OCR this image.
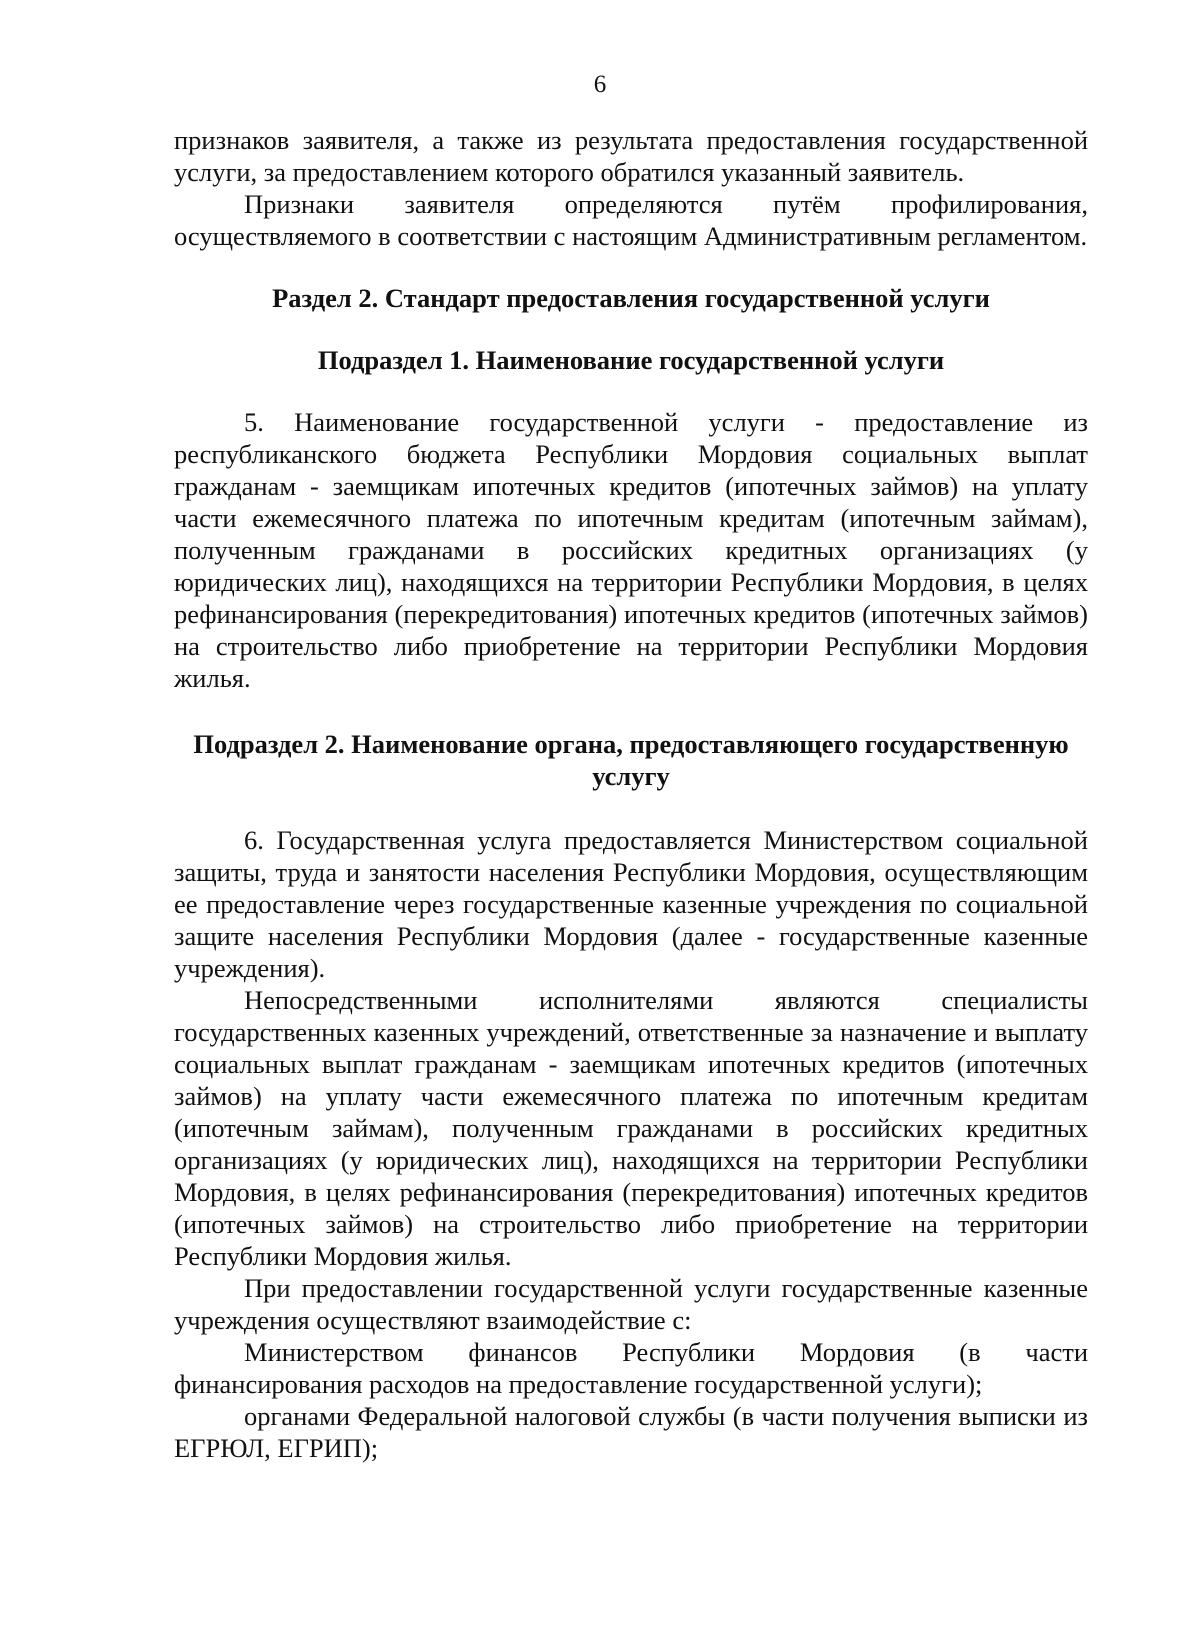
6

признаков заявителя, а также из результата предоставления государственной услуги, за предоставлением которого обратился указанный заявитель.

Признаки заявителя определяются путём профилирования, осуществляемого в соответствии с настоящим Административным регламентом.

Раздел 2. Стандарт предоставления государственной услуги

Подраздел 1. Наименование государственной услуги

5. Наименование государственной услуги - предоставление из республиканского бюджета Республики Мордовия социальных выплат гражданам - заемщикам ипотечных кредитов (ипотечных займов) на уплату части ежемесячного платежа по ипотечным кредитам (ипотечным займам), полученным гражданами в российских кредитных организациях (у юридических лиц), находящихся на территории Республики Мордовия, в целях рефинансирования (перекредитования) ипотечных кредитов (ипотечных займов) на строительство либо приобретение на территории Республики Мордовия жилья.

Подраздел 2. Наименование органа, предоставляющего государственную услугу

6. Государственная услуга предоставляется Министерством социальной защиты, труда и занятости населения Республики Мордовия, осуществляющим ее предоставление через государственные казенные учреждения по социальной защите населения Республики Мордовия (далее - государственные казенные учреждения).

Непосредственными исполнителями являются специалисты государственных казенных учреждений, ответственные за назначение и выплату социальных выплат гражданам - заемщикам ипотечных кредитов (ипотечных займов) на уплату части ежемесячного платежа по ипотечным кредитам (ипотечным займам), полученным гражданами в российских кредитных организациях (у юридических лиц), находящихся на территории Республики Мордовия, в целях рефинансирования (перекредитования) ипотечных кредитов (ипотечных займов) на строительство либо приобретение на территории Республики Мордовия жилья.

При предоставлении государственной услуги государственные казенные учреждения осуществляют взаимодействие с:

Министерством финансов Республики Мордовия (в части финансирования расходов на предоставление государственной услуги);

органами Федеральной налоговой службы (в части получения выписки из ЕГРЮЛ, ЕГРИП);
